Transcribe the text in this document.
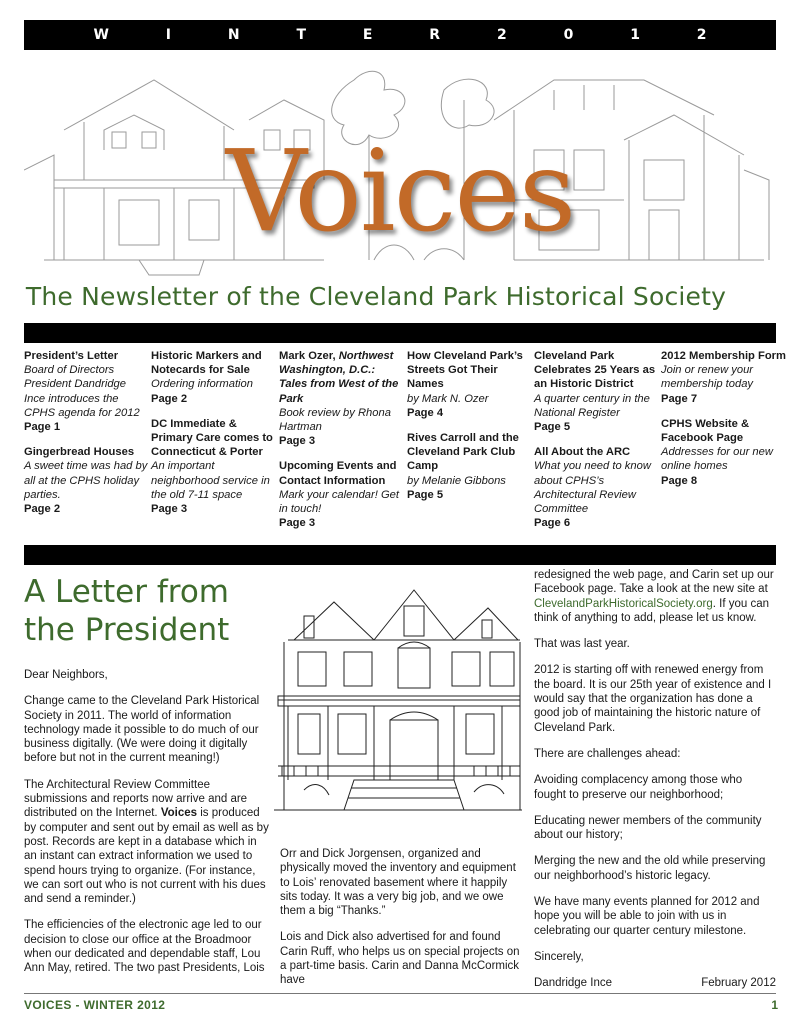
W I N T E R 2 0 1 2
Voices
The Newsletter of the Cleveland Park Historical Society
President’s Letter
Board of Directors President Dandridge Ince introduces the CPHS agenda for 2012
Page 1
Gingerbread Houses
A sweet time was had by all at the CPHS holiday parties.
Page 2
Historic Markers and Notecards for Sale
Ordering information
Page 2
DC Immediate & Primary Care comes to Connecticut & Porter
An important neighborhood service in the old 7-11 space
Page 3
Mark Ozer, Northwest Washington, D.C.: Tales from West of the Park
Book review by Rhona Hartman
Page 3
Upcoming Events and Contact Information
Mark your calendar! Get in touch!
Page 3
How Cleveland Park’s Streets Got Their Names
by Mark N. Ozer
Page 4
Rives Carroll and the Cleveland Park Club Camp
by Melanie Gibbons
Page 5
Cleveland Park Celebrates 25 Years as an Historic District
A quarter century in the National Register
Page 5
All About the ARC
What you need to know about CPHS’s Architectural Review Committee
Page 6
2012 Membership Form
Join or renew your membership today
Page 7
CPHS Website & Facebook Page
Addresses for our new online homes
Page 8
A Letter from the President

Dear Neighbors,

Change came to the Cleveland Park Historical Society in 2011. The world of information technology made it possible to do much of our business digitally. (We were doing it digitally before but not in the current meaning!)

The Architectural Review Committee submissions and reports now arrive and are distributed on the Internet. Voices is produced by computer and sent out by email as well as by post. Records are kept in a database which in an instant can extract information we used to spend hours trying to organize. (For instance, we can sort out who is not current with his dues and send a reminder.)

The efficiencies of the electronic age led to our decision to close our office at the Broadmoor when our dedicated and dependable staff, Lou Ann May, retired. The two past Presidents, Lois

Orr and Dick Jorgensen, organized and physically moved the inventory and equipment to Lois’ renovated basement where it happily sits today. It was a very big job, and we owe them a big “Thanks.”

Lois and Dick also advertised for and found Carin Ruff, who helps us on special projects on a part-time basis. Carin and Danna McCormick have

redesigned the web page, and Carin set up our Facebook page. Take a look at the new site at ClevelandParkHistoricalSociety.org. If you can think of anything to add, please let us know.

That was last year.

2012 is starting off with renewed energy from the board. It is our 25th year of existence and I would say that the organization has done a good job of maintaining the historic nature of Cleveland Park.

There are challenges ahead:

Avoiding complacency among those who fought to preserve our neighborhood;

Educating newer members of the community about our history;

Merging the new and the old while preserving our neighborhood’s historic legacy.

We have many events planned for 2012 and hope you will be able to join with us in celebrating our quarter century milestone.

Sincerely,

Dandridge Ince	February 2012
VOICES - WINTER 2012	1
